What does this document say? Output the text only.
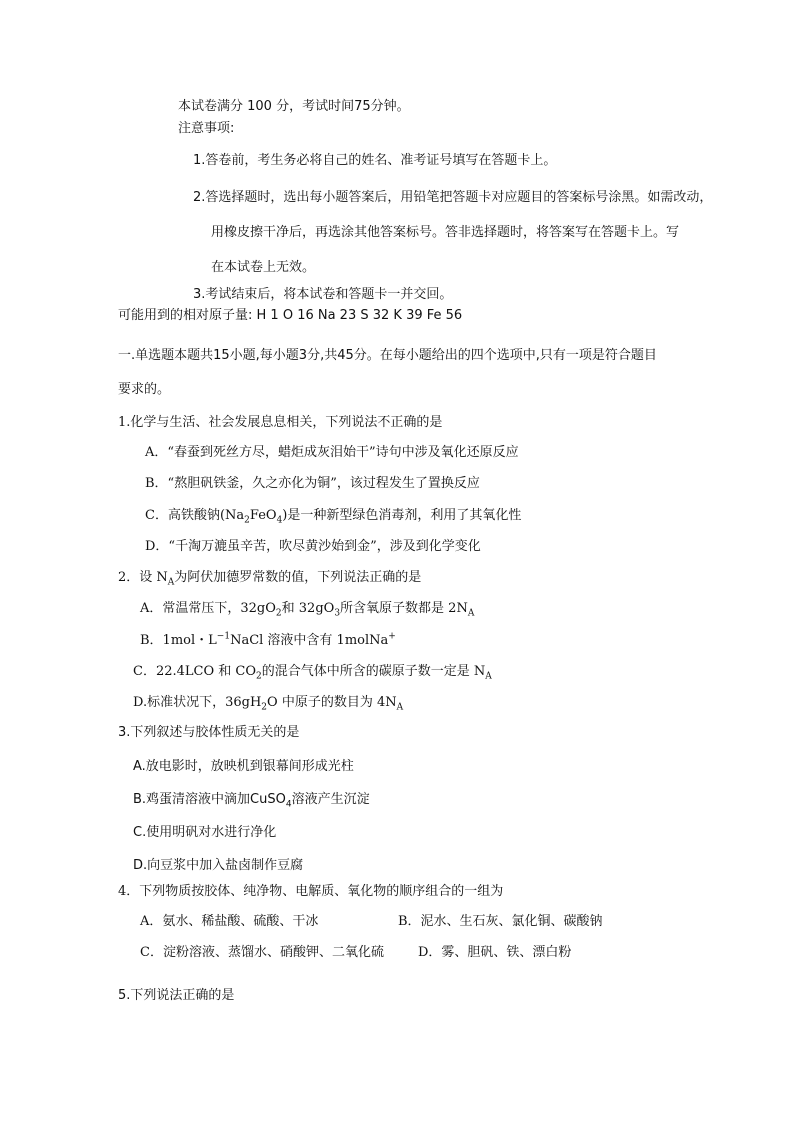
本试卷满分 100 分，考试时间75分钟。
注意事项:
1.答卷前，考生务必将自己的姓名、准考证号填写在答题卡上。
2.答选择题时，选出每小题答案后，用铅笔把答题卡对应题目的答案标号涂黑。如需改动，
用橡皮擦干净后，再选涂其他答案标号。答非选择题时，将答案写在答题卡上。写
在本试卷上无效。
3.考试结束后，将本试卷和答题卡一并交回。
可能用到的相对原子量: H 1 O 16 Na 23 S 32 K 39 Fe 56
一.单选题本题共15小题,每小题3分,共45分。在每小题给出的四个选项中,只有一项是符合题目
要求的。
1.化学与生活、社会发展息息相关，下列说法不正确的是
A．“春蚕到死丝方尽，蜡炬成灰泪始干”诗句中涉及氧化还原反应
B．“熬胆矾铁釜，久之亦化为铜”，该过程发生了置换反应
C．高铁酸钠$(Na_2FeO_4)$是一种新型绿色消毒剂，利用了其氧化性
D．“千淘万漉虽辛苦，吹尽黄沙始到金”，涉及到化学变化
2．设 $N_A$为阿伏加德罗常数的值，下列说法正确的是
A．常温常压下，$32gO_2$和 $32gO_3$所含氧原子数都是 $2N_A$
B．1mol・$L^{-1}NaCl$ 溶液中含有 1molNa+
C．22.4LCO 和 $CO_2$的混合气体中所含的碳原子数一定是 $N_A$
D.标准状况下，$36gH_2O$ 中原子的数目为 $4N_A$
3.下列叙述与胶体性质无关的是
A.放电影时，放映机到银幕间形成光柱
B.鸡蛋清溶液中滴加CuSO$_4$溶液产生沉淀
C.使用明矾对水进行净化
D.向豆浆中加入盐卤制作豆腐
4．下列物质按胶体、纯净物、电解质、氧化物的顺序组合的一组为
A．氨水、稀盐酸、硫酸、干冰	B．泥水、生石灰、氯化铜、碳酸钠
C．淀粉溶液、蒸馏水、硝酸钾、二氧化硫	D．雾、胆矾、铁、漂白粉
5.下列说法正确的是
